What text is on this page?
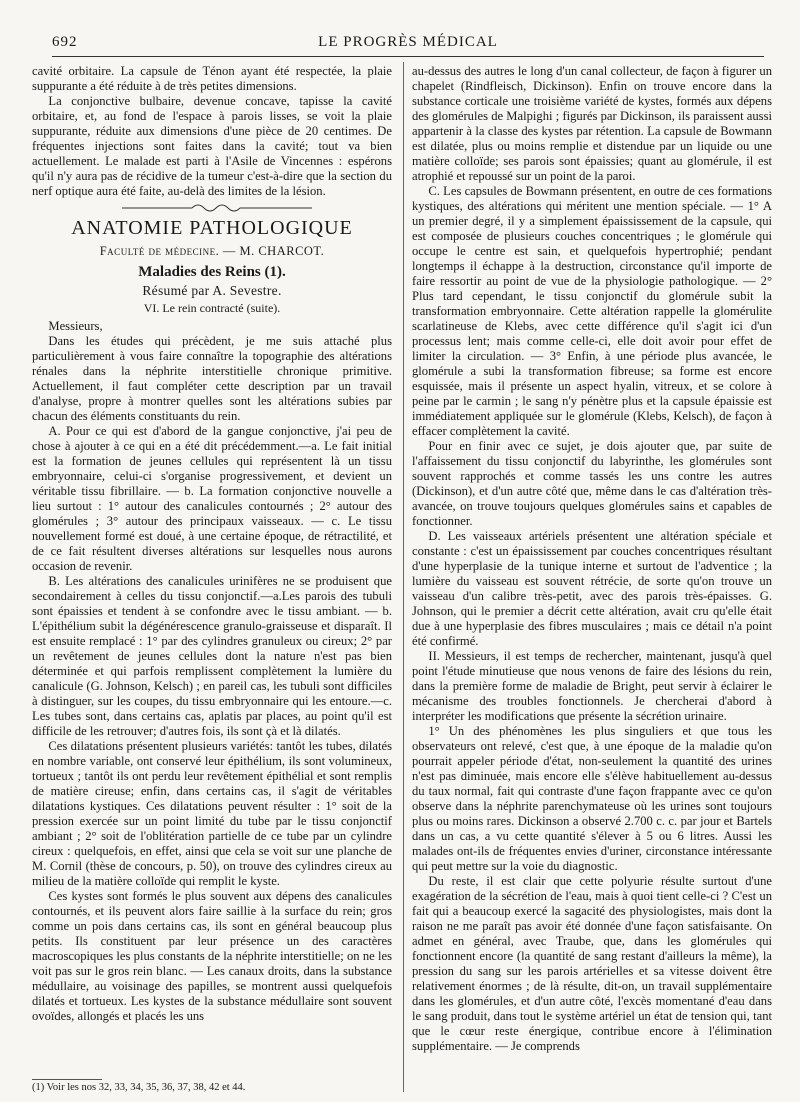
692	LE PROGRÈS MÉDICAL

cavité orbitaire. La capsule de Ténon ayant été respectée, la plaie suppurante a été réduite à de très petites dimensions.

La conjonctive bulbaire, devenue concave, tapisse la cavité orbitaire, et, au fond de l'espace à parois lisses, se voit la plaie suppurante, réduite aux dimensions d'une pièce de 20 centimes. De fréquentes injections sont faites dans la cavité; tout va bien actuellement. Le malade est parti à l'Asile de Vincennes : espérons qu'il n'y aura pas de récidive de la tumeur c'est-à-dire que la section du nerf optique aura été faite, au-delà des limites de la lésion.

ANATOMIE PATHOLOGIQUE
Faculté de médecine. — M. CHARCOT.
Maladies des Reins (1).
Résumé par A. Sevestre.
VI. Le rein contracté (suite).

Messieurs,

Dans les études qui précèdent, je me suis attaché plus particulièrement à vous faire connaître la topographie des altérations rénales dans la néphrite interstitielle chronique primitive. Actuellement, il faut compléter cette description par un travail d'analyse, propre à montrer quelles sont les altérations subies par chacun des éléments constituants du rein.

A. Pour ce qui est d'abord de la gangue conjonctive, j'ai peu de chose à ajouter à ce qui en a été dit précédemment.—a. Le fait initial est la formation de jeunes cellules qui représentent là un tissu embryonnaire, celui-ci s'organise progressivement, et devient un véritable tissu fibrillaire. — b. La formation conjonctive nouvelle a lieu surtout : 1° autour des canalicules contournés ; 2° autour des glomérules ; 3° autour des principaux vaisseaux. — c. Le tissu nouvellement formé est doué, à une certaine époque, de rétractilité, et de ce fait résultent diverses altérations sur lesquelles nous aurons occasion de revenir.

B. Les altérations des canalicules urinifères ne se produisent que secondairement à celles du tissu conjonctif.—a.Les parois des tubuli sont épaissies et tendent à se confondre avec le tissu ambiant. — b. L'épithélium subit la dégénérescence granulo-graisseuse et disparaît. Il est ensuite remplacé : 1° par des cylindres granuleux ou cireux; 2° par un revêtement de jeunes cellules dont la nature n'est pas bien déterminée et qui parfois remplissent complètement la lumière du canalicule (G. Johnson, Kelsch) ; en pareil cas, les tubuli sont difficiles à distinguer, sur les coupes, du tissu embryonnaire qui les entoure.—c. Les tubes sont, dans certains cas, aplatis par places, au point qu'il est difficile de les retrouver; d'autres fois, ils sont çà et là dilatés.

Ces dilatations présentent plusieurs variétés: tantôt les tubes, dilatés en nombre variable, ont conservé leur épithélium, ils sont volumineux, tortueux ; tantôt ils ont perdu leur revêtement épithélial et sont remplis de matière cireuse; enfin, dans certains cas, il s'agit de véritables dilatations kystiques. Ces dilatations peuvent résulter : 1° soit de la pression exercée sur un point limité du tube par le tissu conjonctif ambiant ; 2° soit de l'oblitération partielle de ce tube par un cylindre cireux : quelquefois, en effet, ainsi que cela se voit sur une planche de M. Cornil (thèse de concours, p. 50), on trouve des cylindres cireux au milieu de la matière colloïde qui remplit le kyste.

Ces kystes sont formés le plus souvent aux dépens des canalicules contournés, et ils peuvent alors faire saillie à la surface du rein; gros comme un pois dans certains cas, ils sont en général beaucoup plus petits. Ils constituent par leur présence un des caractères macroscopiques les plus constants de la néphrite interstitielle; on ne les voit pas sur le gros rein blanc. — Les canaux droits, dans la substance médullaire, au voisinage des papilles, se montrent aussi quelquefois dilatés et tortueux. Les kystes de la substance médullaire sont souvent ovoïdes, allongés et placés les uns

au-dessus des autres le long d'un canal collecteur, de façon à figurer un chapelet (Rindfleisch, Dickinson). Enfin on trouve encore dans la substance corticale une troisième variété de kystes, formés aux dépens des glomérules de Malpighi ; figurés par Dickinson, ils paraissent aussi appartenir à la classe des kystes par rétention. La capsule de Bowmann est dilatée, plus ou moins remplie et distendue par un liquide ou une matière colloïde; ses parois sont épaissies; quant au glomérule, il est atrophié et repoussé sur un point de la paroi.

C. Les capsules de Bowmann présentent, en outre de ces formations kystiques, des altérations qui méritent une mention spéciale. — 1° A un premier degré, il y a simplement épaississement de la capsule, qui est composée de plusieurs couches concentriques ; le glomérule qui occupe le centre est sain, et quelquefois hypertrophié; pendant longtemps il échappe à la destruction, circonstance qu'il importe de faire ressortir au point de vue de la physiologie pathologique. — 2° Plus tard cependant, le tissu conjonctif du glomérule subit la transformation embryonnaire. Cette altération rappelle la glomérulite scarlatineuse de Klebs, avec cette différence qu'il s'agit ici d'un processus lent; mais comme celle-ci, elle doit avoir pour effet de limiter la circulation. — 3° Enfin, à une période plus avancée, le glomérule a subi la transformation fibreuse; sa forme est encore esquissée, mais il présente un aspect hyalin, vitreux, et se colore à peine par le carmin ; le sang n'y pénètre plus et la capsule épaissie est immédiatement appliquée sur le glomérule (Klebs, Kelsch), de façon à effacer complètement la cavité.

Pour en finir avec ce sujet, je dois ajouter que, par suite de l'affaissement du tissu conjonctif du labyrinthe, les glomérules sont souvent rapprochés et comme tassés les uns contre les autres (Dickinson), et d'un autre côté que, même dans le cas d'altération très-avancée, on trouve toujours quelques glomérules sains et capables de fonctionner.

D. Les vaisseaux artériels présentent une altération spéciale et constante : c'est un épaississement par couches concentriques résultant d'une hyperplasie de la tunique interne et surtout de l'adventice ; la lumière du vaisseau est souvent rétrécie, de sorte qu'on trouve un vaisseau d'un calibre très-petit, avec des parois très-épaisses. G. Johnson, qui le premier a décrit cette altération, avait cru qu'elle était due à une hyperplasie des fibres musculaires ; mais ce détail n'a point été confirmé.

II. Messieurs, il est temps de rechercher, maintenant, jusqu'à quel point l'étude minutieuse que nous venons de faire des lésions du rein, dans la première forme de maladie de Bright, peut servir à éclairer le mécanisme des troubles fonctionnels. Je chercherai d'abord à interpréter les modifications que présente la sécrétion urinaire.

1° Un des phénomènes les plus singuliers et que tous les observateurs ont relevé, c'est que, à une époque de la maladie qu'on pourrait appeler période d'état, non-seulement la quantité des urines n'est pas diminuée, mais encore elle s'élève habituellement au-dessus du taux normal, fait qui contraste d'une façon frappante avec ce qu'on observe dans la néphrite parenchymateuse où les urines sont toujours plus ou moins rares. Dickinson a observé 2.700 c. c. par jour et Bartels dans un cas, a vu cette quantité s'élever à 5 ou 6 litres. Aussi les malades ont-ils de fréquentes envies d'uriner, circonstance intéressante qui peut mettre sur la voie du diagnostic.

Du reste, il est clair que cette polyurie résulte surtout d'une exagération de la sécrétion de l'eau, mais à quoi tient celle-ci ? C'est un fait qui a beaucoup exercé la sagacité des physiologistes, mais dont la raison ne me paraît pas avoir été donnée d'une façon satisfaisante. On admet en général, avec Traube, que, dans les glomérules qui fonctionnent encore (la quantité de sang restant d'ailleurs la même), la pression du sang sur les parois artérielles et sa vitesse doivent être relativement énormes ; de là résulte, dit-on, un travail supplémentaire dans les glomérules, et d'un autre côté, l'excès momentané d'eau dans le sang produit, dans tout le système artériel un état de tension qui, tant que le cœur reste énergique, contribue encore à l'élimination supplémentaire. — Je comprends

(1) Voir les nos 32, 33, 34, 35, 36, 37, 38, 42 et 44.
